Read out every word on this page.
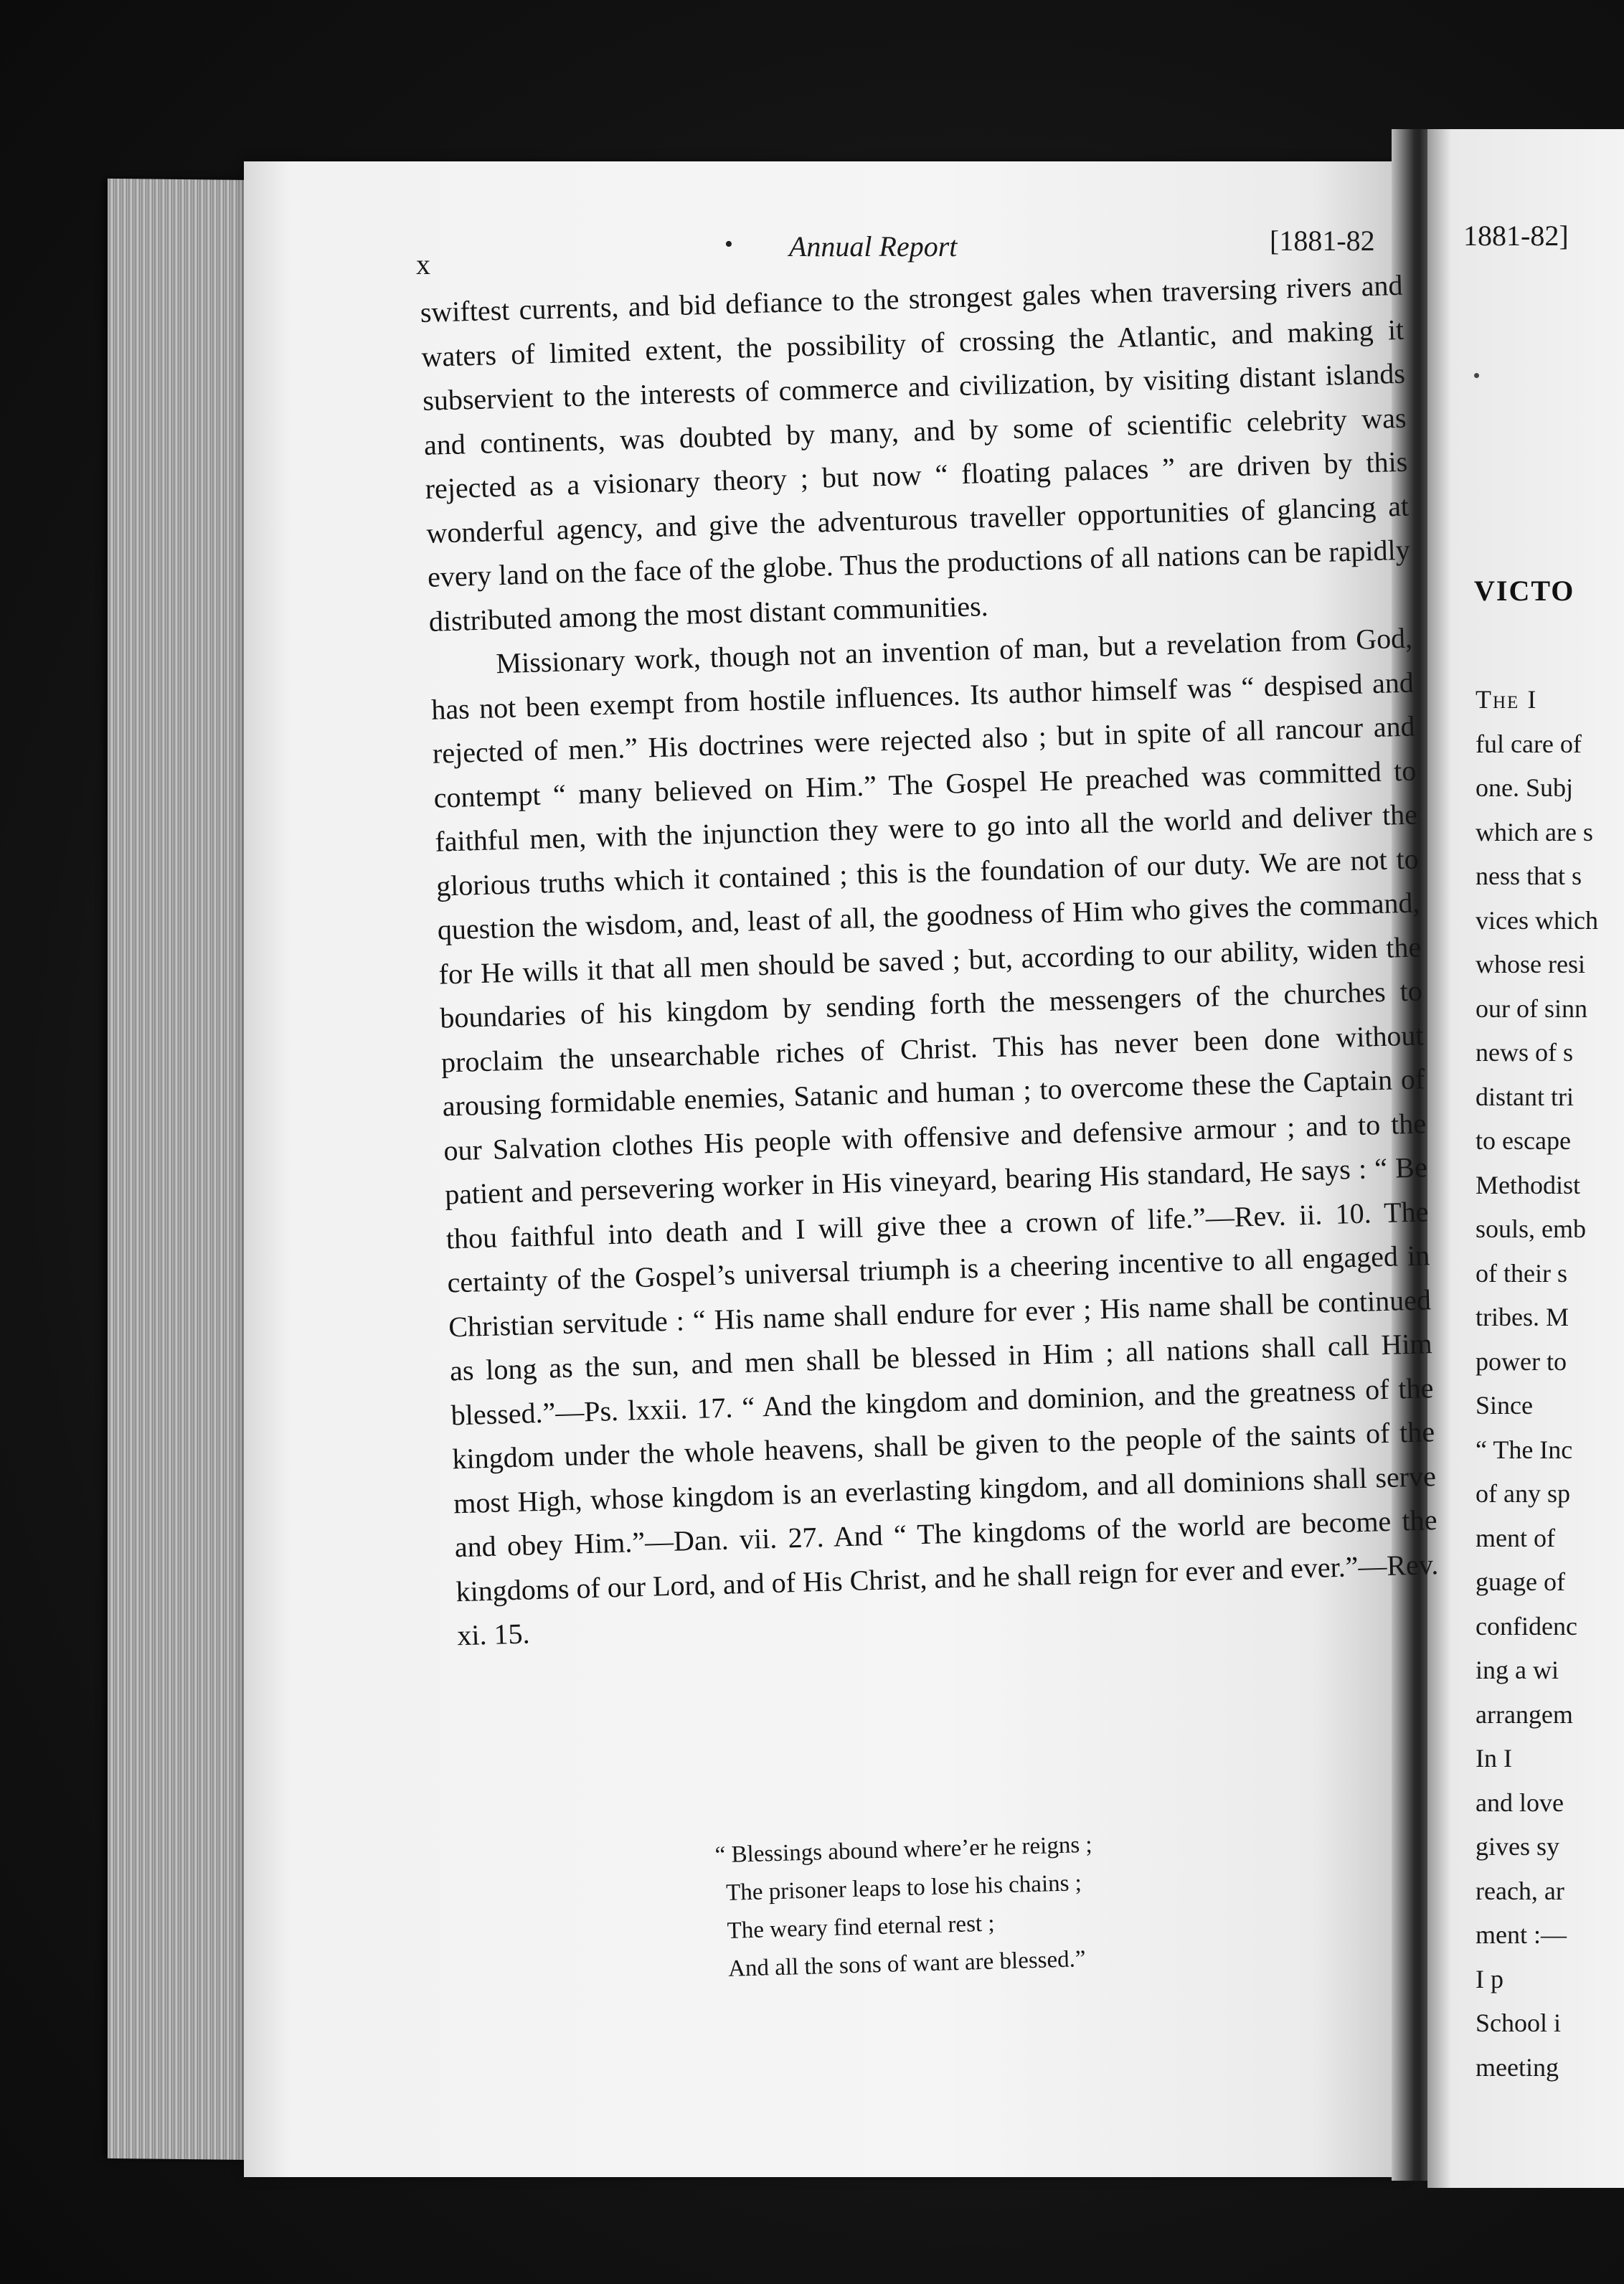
x
• Annual Report	[1881-82

swiftest currents, and bid defiance to the strongest gales when traversing rivers and waters of limited extent, the possibility of crossing the Atlantic, and making it subservient to the interests of commerce and civilization, by visiting distant islands and continents, was doubted by many, and by some of scientific celebrity was rejected as a visionary theory ; but now “ floating palaces ” are driven by this wonderful agency, and give the adventurous traveller opportunities of glancing at every land on the face of the globe. Thus the productions of all nations can be rapidly distributed among the most distant communities.

Missionary work, though not an invention of man, but a revelation from God, has not been exempt from hostile influences. Its author himself was “ despised and rejected of men.” His doctrines were rejected also ; but in spite of all rancour and contempt “ many believed on Him.” The Gospel He preached was committed to faithful men, with the injunction they were to go into all the world and deliver the glorious truths which it contained ; this is the foundation of our duty. We are not to question the wisdom, and, least of all, the goodness of Him who gives the command, for He wills it that all men should be saved ; but, according to our ability, widen the boundaries of his kingdom by sending forth the messengers of the churches to proclaim the unsearchable riches of Christ. This has never been done without arousing formidable enemies, Satanic and human ; to overcome these the Captain of our Salvation clothes His people with offensive and defensive armour ; and to the patient and persevering worker in His vineyard, bearing His standard, He says : “ Be thou faithful into death and I will give thee a crown of life.”—Rev. ii. 10. The certainty of the Gospel’s universal triumph is a cheering incentive to all engaged in Christian servitude : “ His name shall endure for ever ; His name shall be continued as long as the sun, and men shall be blessed in Him ; all nations shall call Him blessed.”—Ps. lxxii. 17. “ And the kingdom and dominion, and the greatness of the kingdom under the whole heavens, shall be given to the people of the saints of the most High, whose kingdom is an everlasting kingdom, and all dominions shall serve and obey Him.”—Dan. vii. 27. And “ The kingdoms of the world are become the kingdoms of our Lord, and of His Christ, and he shall reign for ever and ever.”—Rev. xi. 15.

“ Blessings abound where’er he reigns ;
The prisoner leaps to lose his chains ;
The weary find eternal rest ;
And all the sons of want are blessed.”
1881-82]
VICTO
The I
ful care of
one. Subj
which are s
ness that s
vices which
whose resi
our of sinn
news of s
distant tri
to escape
Methodist
souls, emb
of their s
tribes. M
power to
Since
“ The Inc
of any sp
ment of
guage of
confidenc
ing a wi
arrangem
In I
and love
gives sy
reach, ar
ment :—
I p
School i
meeting
